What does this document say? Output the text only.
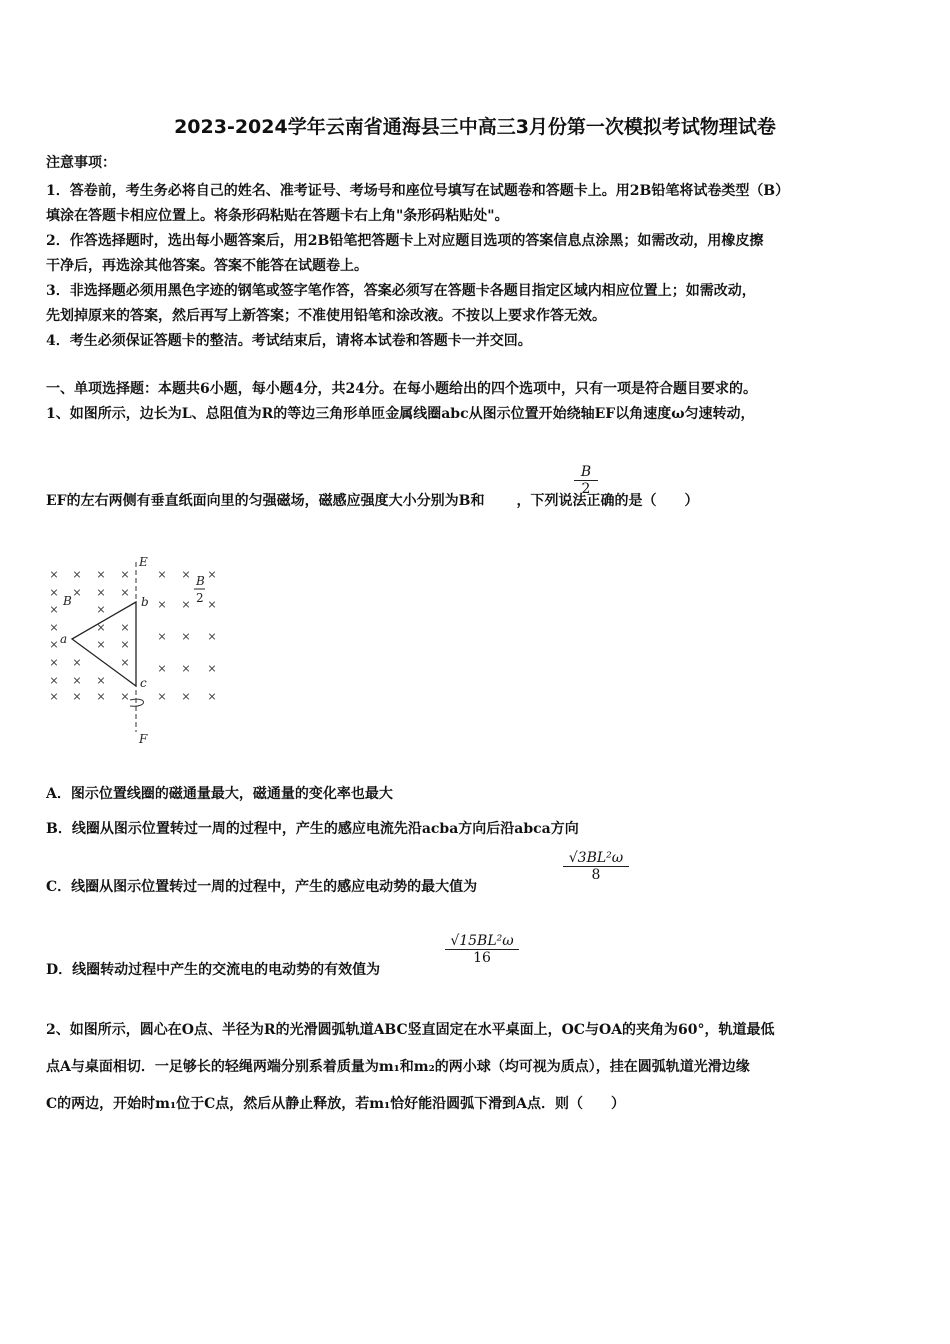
2023-2024学年云南省通海县三中高三3月份第一次模拟考试物理试卷
注意事项：
1．答卷前，考生务必将自己的姓名、准考证号、考场号和座位号填写在试题卷和答题卡上。用2B铅笔将试卷类型（B）
填涂在答题卡相应位置上。将条形码粘贴在答题卡右上角"条形码粘贴处"。
2．作答选择题时，选出每小题答案后，用2B铅笔把答题卡上对应题目选项的答案信息点涂黑；如需改动，用橡皮擦
干净后，再选涂其他答案。答案不能答在试题卷上。
3．非选择题必须用黑色字迹的钢笔或签字笔作答，答案必须写在答题卡各题目指定区域内相应位置上；如需改动，
先划掉原来的答案，然后再写上新答案；不准使用铅笔和涂改液。不按以上要求作答无效。
4．考生必须保证答题卡的整洁。考试结束后，请将本试卷和答题卡一并交回。
一、单项选择题：本题共6小题，每小题4分，共24分。在每小题给出的四个选项中，只有一项是符合题目要求的。
1、如图所示，边长为L、总阻值为R的等边三角形单匝金属线圈abc从图示位置开始绕轴EF以角速度ω匀速转动，
EF的左右两侧有垂直纸面向里的匀强磁场，磁感应强度大小分别为B和 ，下列说法正确的是（　　）
B
2
× × × ×
× × × ×
×	×
×	× ×
×	× ×
× ×	×
× × ×
× × × ×
× × ×
× × ×
× × ×
× × ×
× × ×
E
F
b
a
c
B
B
2
A．图示位置线圈的磁通量最大，磁通量的变化率也最大
B．线圈从图示位置转过一周的过程中，产生的感应电流先沿acba方向后沿abca方向
C．线圈从图示位置转过一周的过程中，产生的感应电动势的最大值为
√3BL²ω
8
D．线圈转动过程中产生的交流电的电动势的有效值为
√15BL²ω
16
2、如图所示，圆心在O点、半径为R的光滑圆弧轨道ABC竖直固定在水平桌面上，OC与OA的夹角为60°，轨道最低
点A与桌面相切．一足够长的轻绳两端分别系着质量为m₁和m₂的两小球（均可视为质点），挂在圆弧轨道光滑边缘
C的两边，开始时m₁位于C点，然后从静止释放，若m₁恰好能沿圆弧下滑到A点．则（　　）
